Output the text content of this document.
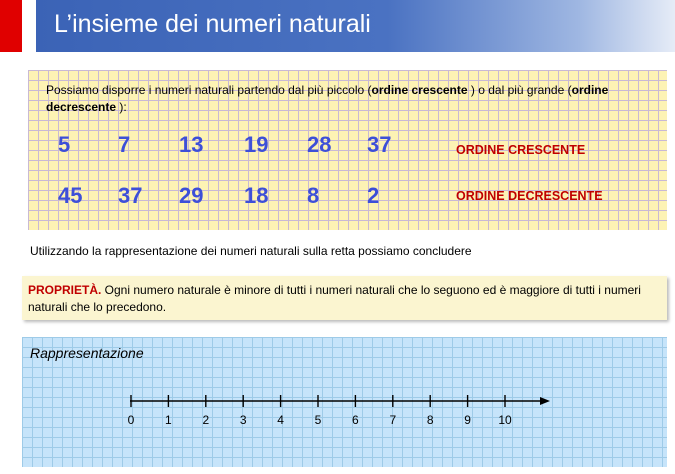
L’insieme dei numeri naturali
Possiamo disporre i numeri naturali partendo dal più piccolo (ordine crescente ) o dal più grande (ordine decrescente ):
5 7 13 19 28 37	ORDINE CRESCENTE
45 37 29 18 8 2	ORDINE DECRESCENTE
Utilizzando la rappresentazione dei numeri naturali sulla retta possiamo concludere
PROPRIETÀ. Ogni numero naturale è minore di tutti i numeri naturali che lo seguono ed è maggiore di tutti i numeri naturali che lo precedono.
Rappresentazione
0	1	2	3	4	5	6	7	8	9 10
